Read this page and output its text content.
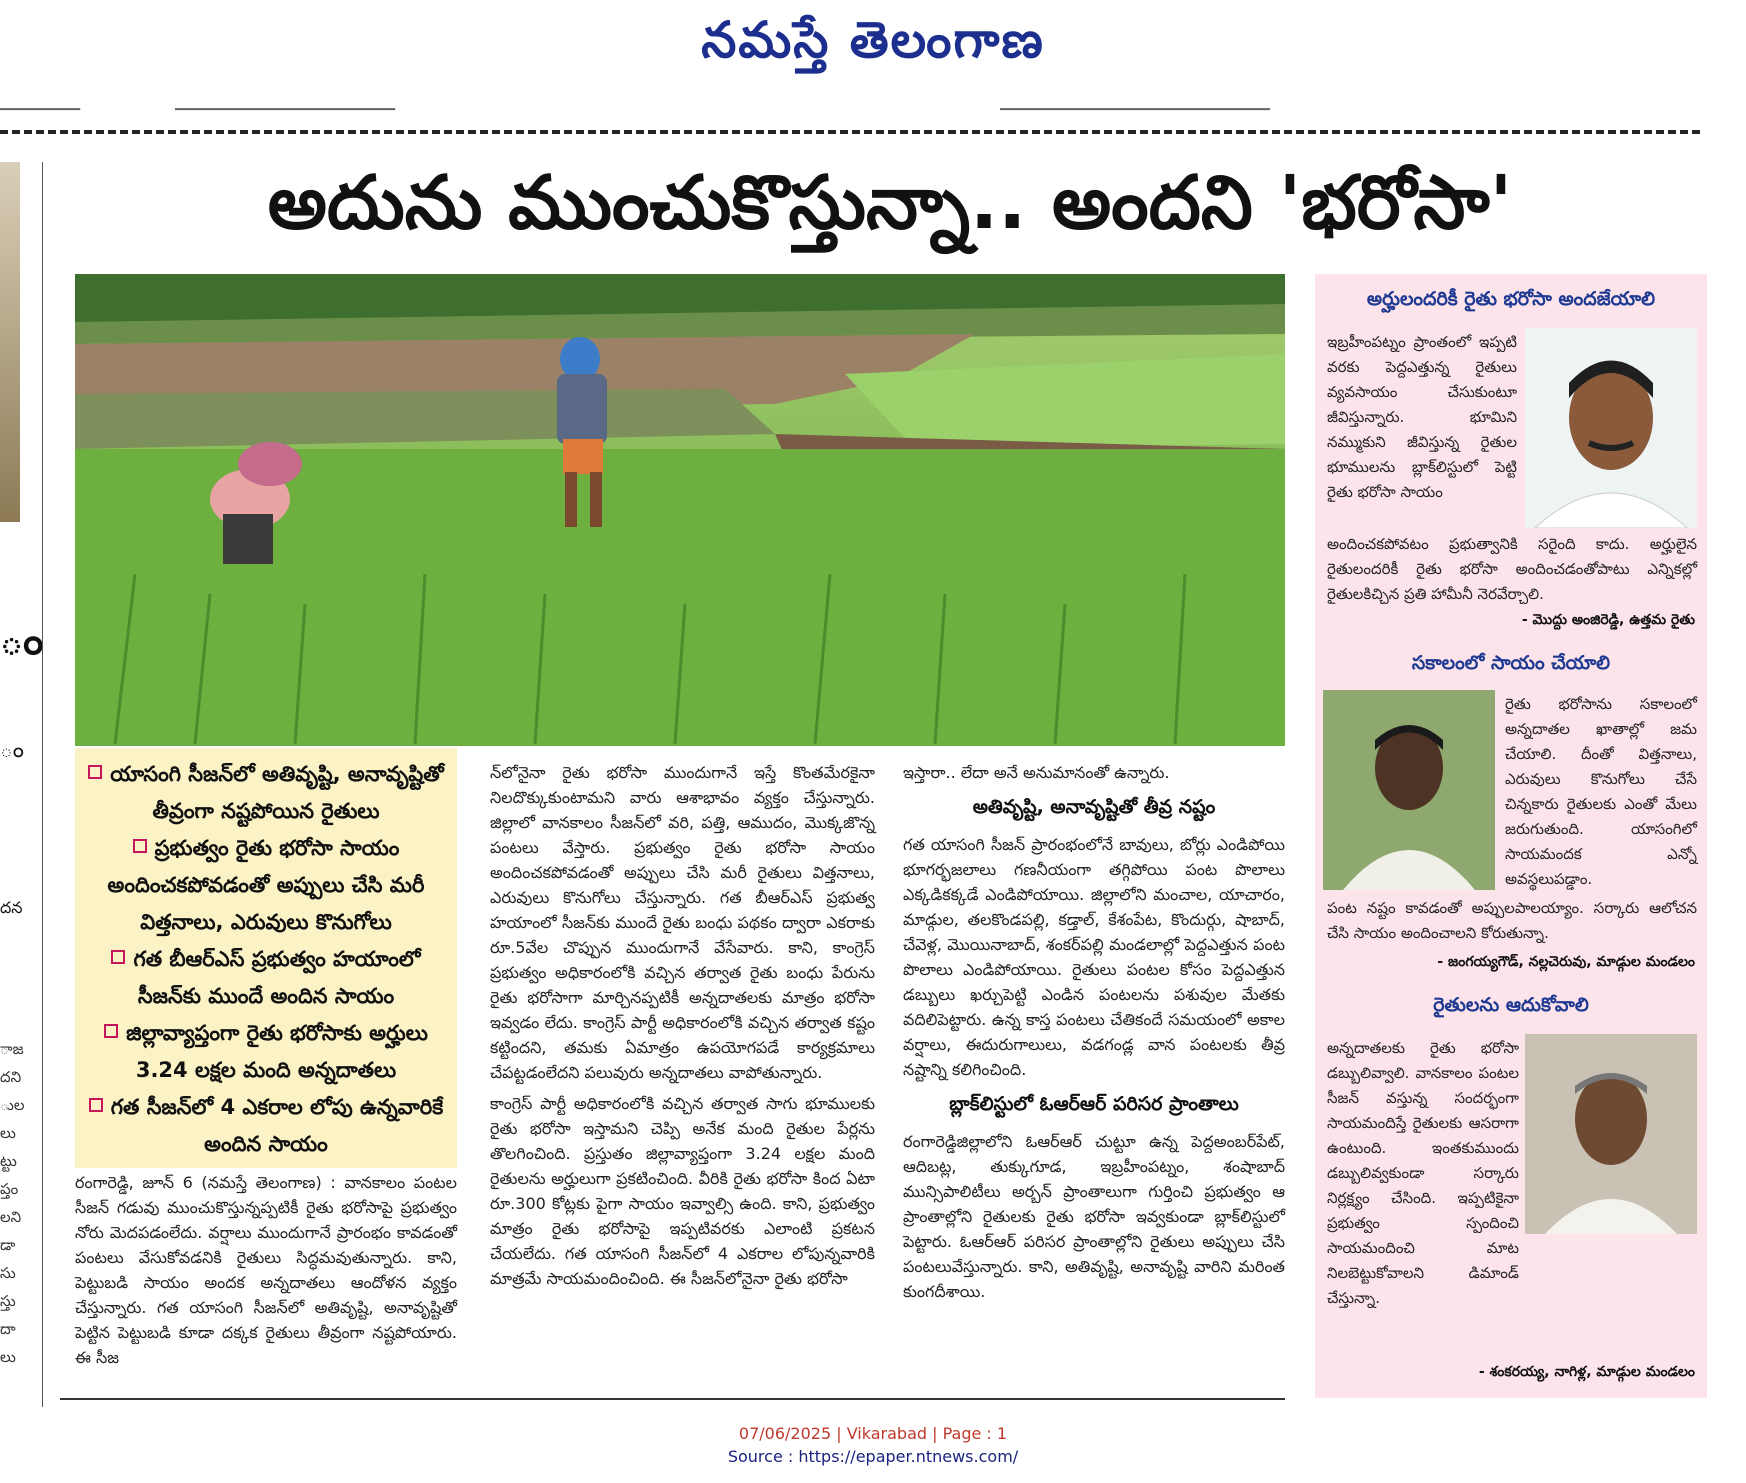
నమస్తే తెలంగాణ
▁▁▁▁▁▁▁▁	▁▁▁▁▁▁▁▁▁▁▁▁▁▁▁▁▁▁▁▁▁▁	▁▁▁▁▁▁▁▁▁▁▁▁▁▁▁▁▁▁▁▁▁▁▁▁▁▁▁
ం
ం
దన
ాజ
దని
ుల
లు
ట్టు
ప్తం
లని
డా
సు
స్తు
దా
లు
అదును ముంచుకొస్తున్నా.. అందని 'భరోసా'
యాసంగి సీజన్‌లో అతివృష్టి, అనావృష్టితో తీవ్రంగా నష్టపోయిన రైతులు
ప్రభుత్వం రైతు భరోసా సాయం అందించకపోవడంతో అప్పులు చేసి మరీ విత్తనాలు, ఎరువులు కొనుగోలు
గత బీఆర్‌ఎస్ ప్రభుత్వం హయాంలో సీజన్‌కు ముందే అందిన సాయం
జిల్లావ్యాప్తంగా రైతు భరోసాకు అర్హులు 3.24 లక్షల మంది అన్నదాతలు
గత సీజన్‌లో 4 ఎకరాల లోపు ఉన్నవారికే అందిన సాయం

రంగారెడ్డి, జూన్ 6 (నమస్తే తెలంగాణ) : వానకాలం పంటల సీజన్ గడువు ముంచుకొస్తున్నప్పటికీ రైతు భరోసాపై ప్రభుత్వం నోరు మెదపడంలేదు. వర్షాలు ముందుగానే ప్రారంభం కావడంతో పంటలు వేసుకోవడనికి రైతులు సిద్ధమవుతున్నారు. కాని, పెట్టుబడి సాయం అందక అన్నదాతలు ఆందోళన వ్యక్తం చేస్తున్నారు. గత యాసంగి సీజన్‌లో అతివృష్టి, అనావృష్టితో పెట్టిన పెట్టుబడి కూడా దక్కక రైతులు తీవ్రంగా నష్టపోయారు. ఈ సీజ

న్‌లోనైనా రైతు భరోసా ముందుగానే ఇస్తే కొంతమేరకైనా నిలదొక్కుకుంటామని వారు ఆశాభావం వ్యక్తం చేస్తున్నారు. జిల్లాలో వానకాలం సీజన్‌లో వరి, పత్తి, ఆముదం, మొక్కజొన్న పంటలు వేస్తారు. ప్రభుత్వం రైతు భరోసా సాయం అందించకపోవడంతో అప్పులు చేసి మరీ రైతులు విత్తనాలు, ఎరువులు కొనుగోలు చేస్తున్నారు. గత బీఆర్‌ఎస్ ప్రభుత్వ హయాంలో సీజన్‌కు ముందే రైతు బంధు పథకం ద్వారా ఎకరాకు రూ.5వేల చొప్పున ముందుగానే వేసేవారు. కాని, కాంగ్రెస్ ప్రభుత్వం అధికారంలోకి వచ్చిన తర్వాత రైతు బంధు పేరును రైతు భరోసాగా మార్చినప్పటికీ అన్నదాతలకు మాత్రం భరోసా ఇవ్వడం లేదు. కాంగ్రెస్ పార్టీ అధికారంలోకి వచ్చిన తర్వాత కష్టం కట్టిందని, తమకు ఏమాత్రం ఉపయోగపడే కార్యక్రమాలు చేపట్టడంలేదని పలువురు అన్నదాతలు వాపోతున్నారు.

కాంగ్రెస్ పార్టీ అధికారంలోకి వచ్చిన తర్వాత సాగు భూములకు రైతు భరోసా ఇస్తామని చెప్పి అనేక మంది రైతుల పేర్లను తొలగించింది. ప్రస్తుతం జిల్లావ్యాప్తంగా 3.24 లక్షల మంది రైతులను అర్హులుగా ప్రకటించింది. వీరికి రైతు భరోసా కింద ఏటా రూ.300 కోట్లకు పైగా సాయం ఇవ్వాల్సి ఉంది. కాని, ప్రభుత్వం మాత్రం రైతు భరోసాపై ఇప్పటివరకు ఎలాంటి ప్రకటన చేయలేదు. గత యాసంగి సీజన్‌లో 4 ఎకరాల లోపున్నవారికి మాత్రమే సాయమందించింది. ఈ సీజన్‌లోనైనా రైతు భరోసా

ఇస్తారా.. లేదా అనే అనుమానంతో ఉన్నారు.

అతివృష్టి, అనావృష్టితో తీవ్ర నష్టం

గత యాసంగి సీజన్ ప్రారంభంలోనే బావులు, బోర్లు ఎండిపోయి భూగర్భజలాలు గణనీయంగా తగ్గిపోయి పంట పొలాలు ఎక్కడికక్కడే ఎండిపోయాయి. జిల్లాలోని మంచాల, యాచారం, మాడ్గుల, తలకొండపల్లి, కడ్తాల్, కేశంపేట, కొందుర్గు, షాబాద్, చేవెళ్ల, మొయినాబాద్, శంకర్‌పల్లి మండలాల్లో పెద్దఎత్తున పంట పొలాలు ఎండిపోయాయి. రైతులు పంటల కోసం పెద్దఎత్తున డబ్బులు ఖర్చుపెట్టి ఎండిన పంటలను పశువుల మేతకు వదిలిపెట్టారు. ఉన్న కాస్త పంటలు చేతికందే సమయంలో అకాల వర్షాలు, ఈదురుగాలులు, వడగండ్ల వాన పంటలకు తీవ్ర నష్టాన్ని కలిగించింది.

బ్లాక్‌లిస్టులో ఓఆర్ఆర్ పరిసర ప్రాంతాలు

రంగారెడ్డిజిల్లాలోని ఓఆర్ఆర్ చుట్టూ ఉన్న పెద్దఅంబర్‌పేట్, ఆదిబట్ల, తుక్కుగూడ, ఇబ్రహీంపట్నం, శంషాబాద్ మున్సిపాలిటీలు అర్బన్ ప్రాంతాలుగా గుర్తించి ప్రభుత్వం ఆ ప్రాంతాల్లోని రైతులకు రైతు భరోసా ఇవ్వకుండా బ్లాక్‌లిస్టులో పెట్టారు. ఓఆర్ఆర్ పరిసర ప్రాంతాల్లోని రైతులు అప్పులు చేసి పంటలువేస్తున్నారు. కాని, అతివృష్టి, అనావృష్టి వారిని మరింత కుంగదీశాయి.

అర్హులందరికీ రైతు భరోసా అందజేయాలి
ఇబ్రహీంపట్నం ప్రాంతంలో ఇప్పటి వరకు పెద్దఎత్తున్న రైతులు వ్యవసాయం చేసుకుంటూ జీవిస్తున్నారు. భూమిని నమ్ముకుని జీవిస్తున్న రైతుల భూములను బ్లాక్‌లిస్టులో పెట్టి రైతు భరోసా సాయం
అందించకపోవటం ప్రభుత్వానికి సరైంది కాదు. అర్హులైన రైతులందరికీ రైతు భరోసా అందించడంతోపాటు ఎన్నికల్లో రైతులకిచ్చిన ప్రతి హామీనీ నెరవేర్చాలి.
- మొద్దు అంజిరెడ్డి, ఉత్తమ రైతు
సకాలంలో సాయం చేయాలి
రైతు భరోసాను సకాలంలో అన్నదాతల ఖాతాల్లో జమ చేయాలి. దీంతో విత్తనాలు, ఎరువులు కొనుగోలు చేసే చిన్నకారు రైతులకు ఎంతో మేలు జరుగుతుంది. యాసంగిలో సాయమందక ఎన్నో అవస్థలుపడ్డాం.
పంట నష్టం కావడంతో అప్పులపాలయ్యాం. సర్కారు ఆలోచన చేసి సాయం అందించాలని కోరుతున్నా.
- జంగయ్యగౌడ్, నల్లచెరువు, మాడ్గుల మండలం
రైతులను ఆదుకోవాలి
అన్నదాతలకు రైతు భరోసా డబ్బులివ్వాలి. వానకాలం పంటల సీజన్ వస్తున్న సందర్భంగా సాయమందిస్తే రైతులకు ఆసరాగా ఉంటుంది. ఇంతకుముందు డబ్బులివ్వకుండా సర్కారు నిర్లక్ష్యం చేసింది. ఇప్పటికైనా ప్రభుత్వం స్పందించి సాయమందించి మాట నిలబెట్టుకోవాలని డిమాండ్ చేస్తున్నా.
- శంకరయ్య, నాగిళ్ల, మాడ్గుల మండలం
07/06/2025 | Vikarabad | Page : 1
Source : https://epaper.ntnews.com/
